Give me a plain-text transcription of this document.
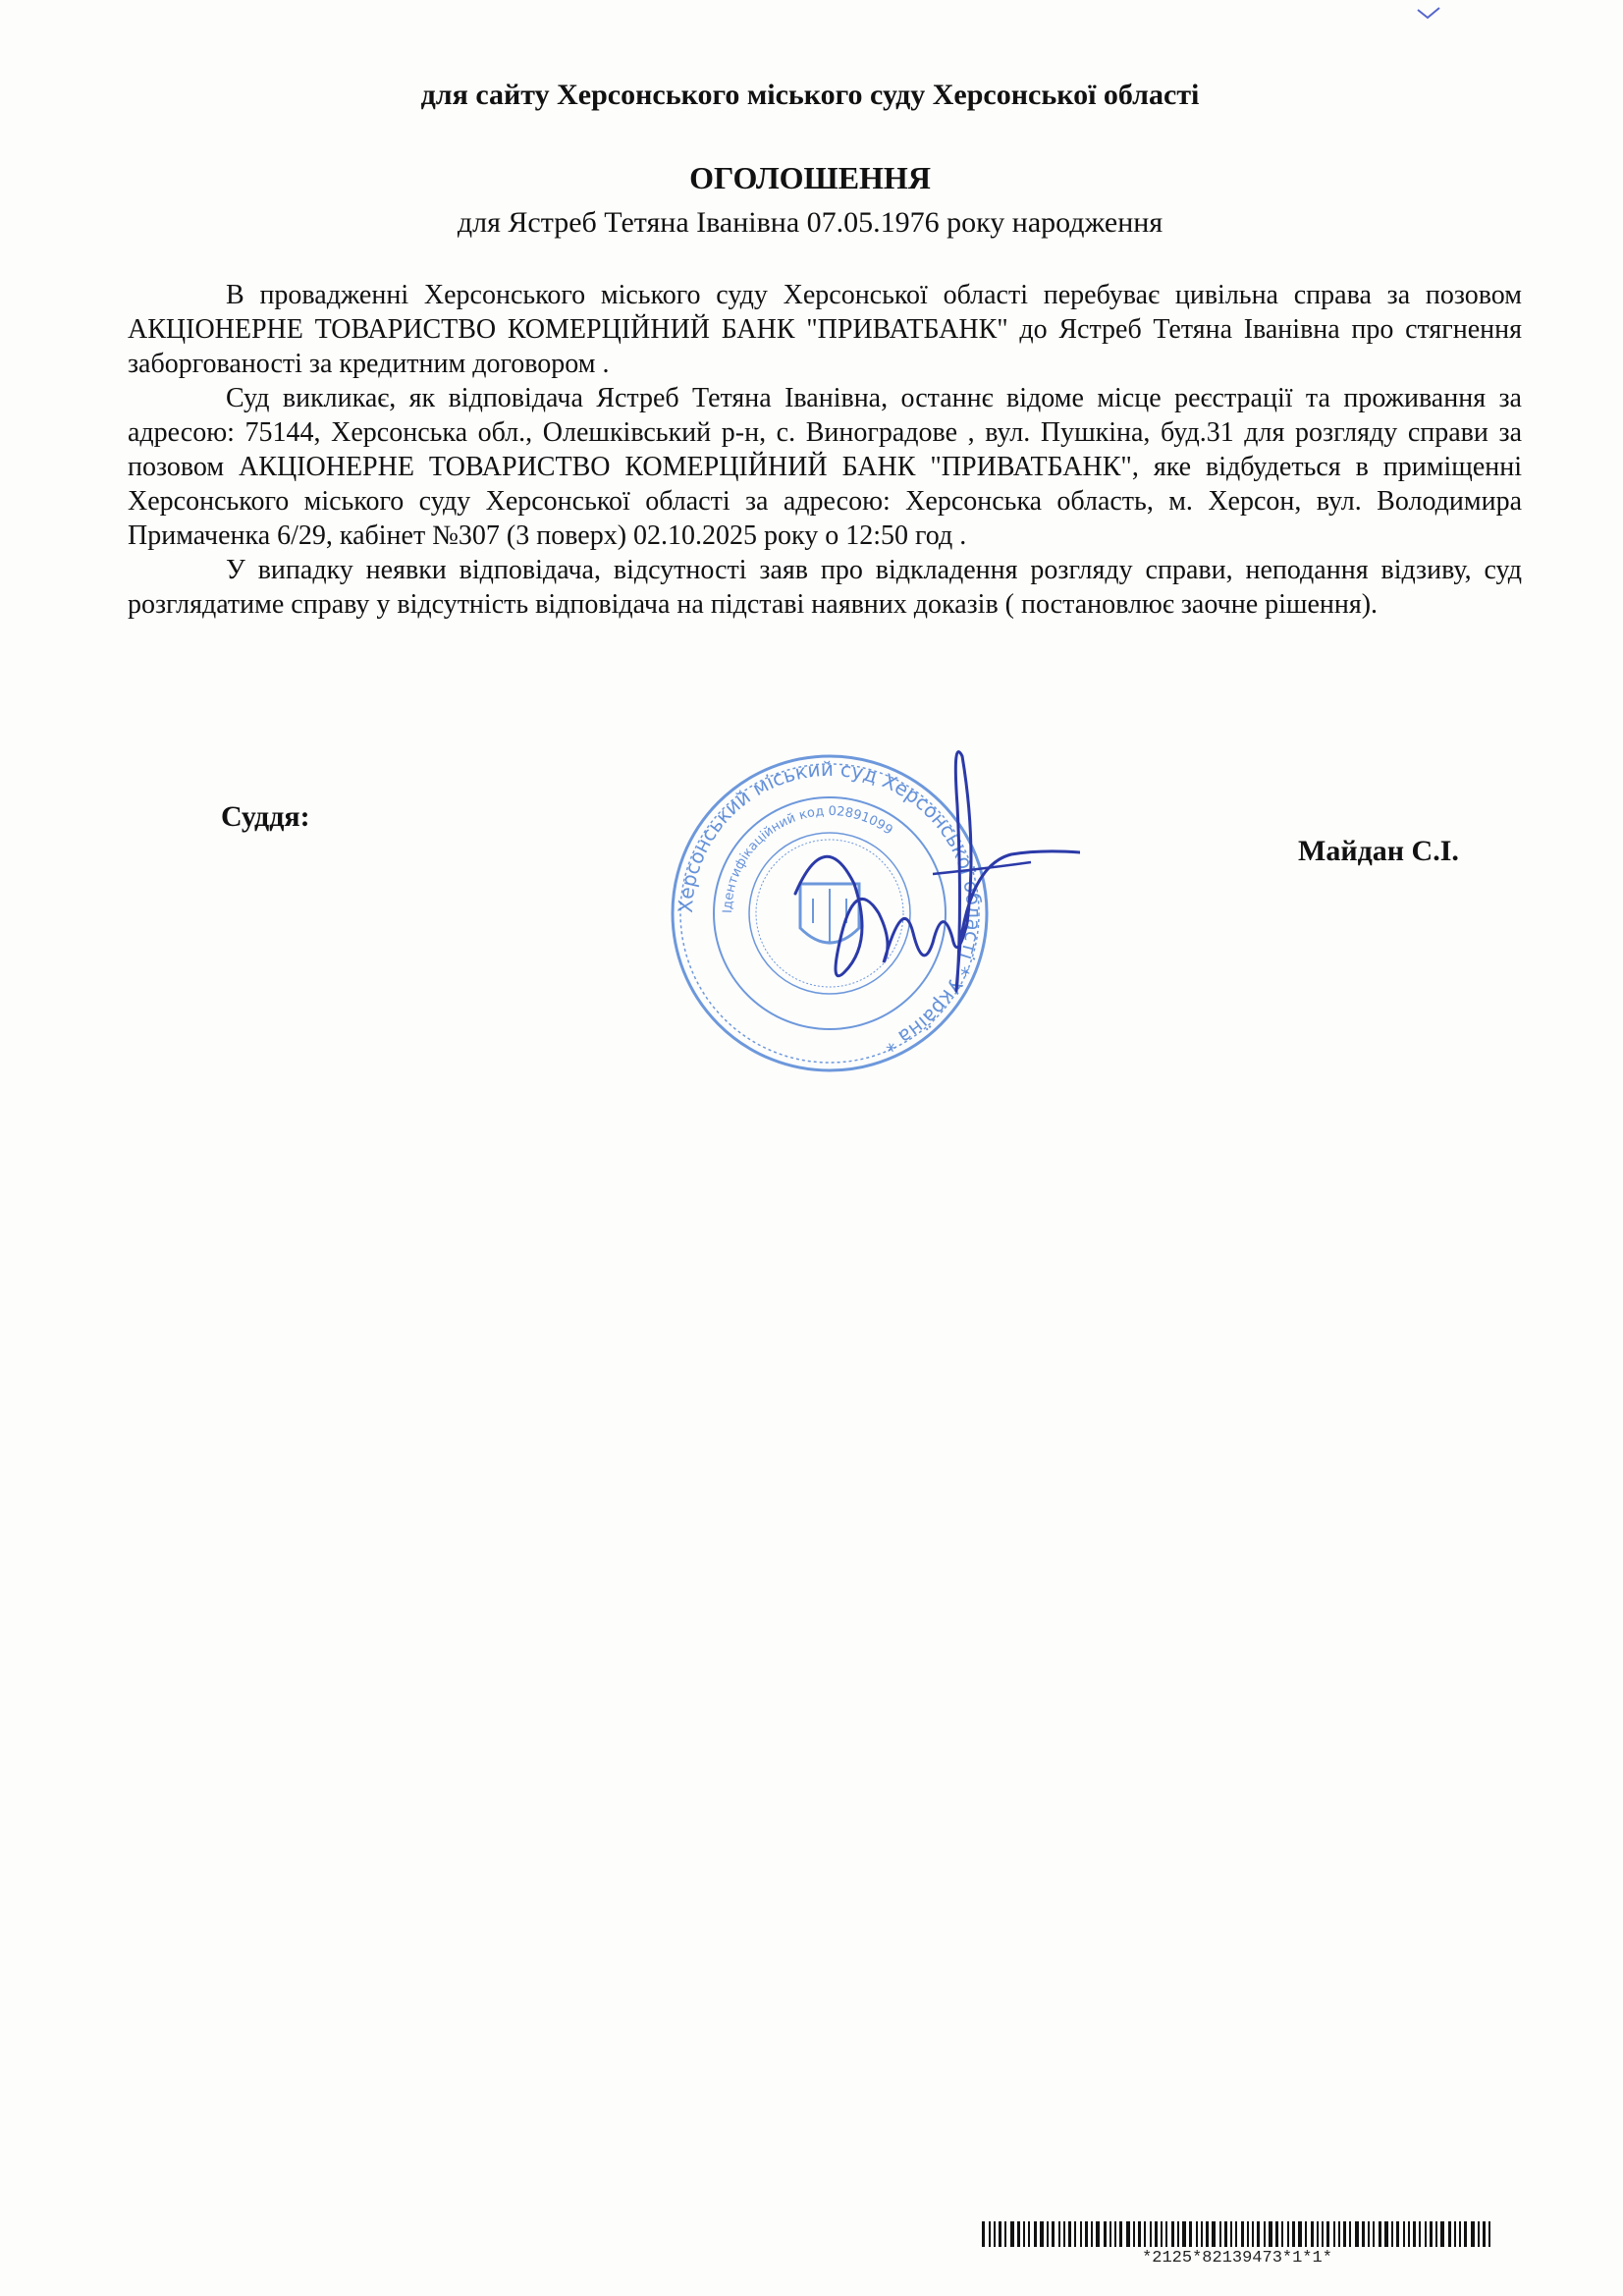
для сайту Херсонського міського суду Херсонської області
ОГОЛОШЕННЯ
для Ястреб Тетяна Іванівна 07.05.1976 року народження

В провадженні Херсонського міського суду Херсонської області перебуває цивільна справа за позовом АКЦІОНЕРНЕ ТОВАРИСТВО КОМЕРЦІЙНИЙ БАНК "ПРИВАТБАНК" до Ястреб Тетяна Іванівна про стягнення заборгованості за кредитним договором .

Суд викликає, як відповідача Ястреб Тетяна Іванівна, останнє відоме місце реєстрації та проживання за адресою: 75144, Херсонська обл., Олешківський р-н, с. Виноградове , вул. Пушкіна, буд.31 для розгляду справи за позовом АКЦІОНЕРНЕ ТОВАРИСТВО КОМЕРЦІЙНИЙ БАНК "ПРИВАТБАНК", яке відбудеться в приміщенні Херсонського міського суду Херсонської області за адресою: Херсонська область, м. Херсон, вул. Володимира Примаченка 6/29, кабінет №307 (3 поверх) 02.10.2025 року о 12:50 год .

У випадку неявки відповідача, відсутності заяв про відкладення розгляду справи, неподання відзиву, суд розглядатиме справу у відсутність відповідача на підставі наявних доказів ( постановлює заочне рішення).

Суддя:
Майдан С.І.
Херсонський міський суд Херсонської області * Україна *
Ідентифікаційний код 02891099
*2125*82139473*1*1*
